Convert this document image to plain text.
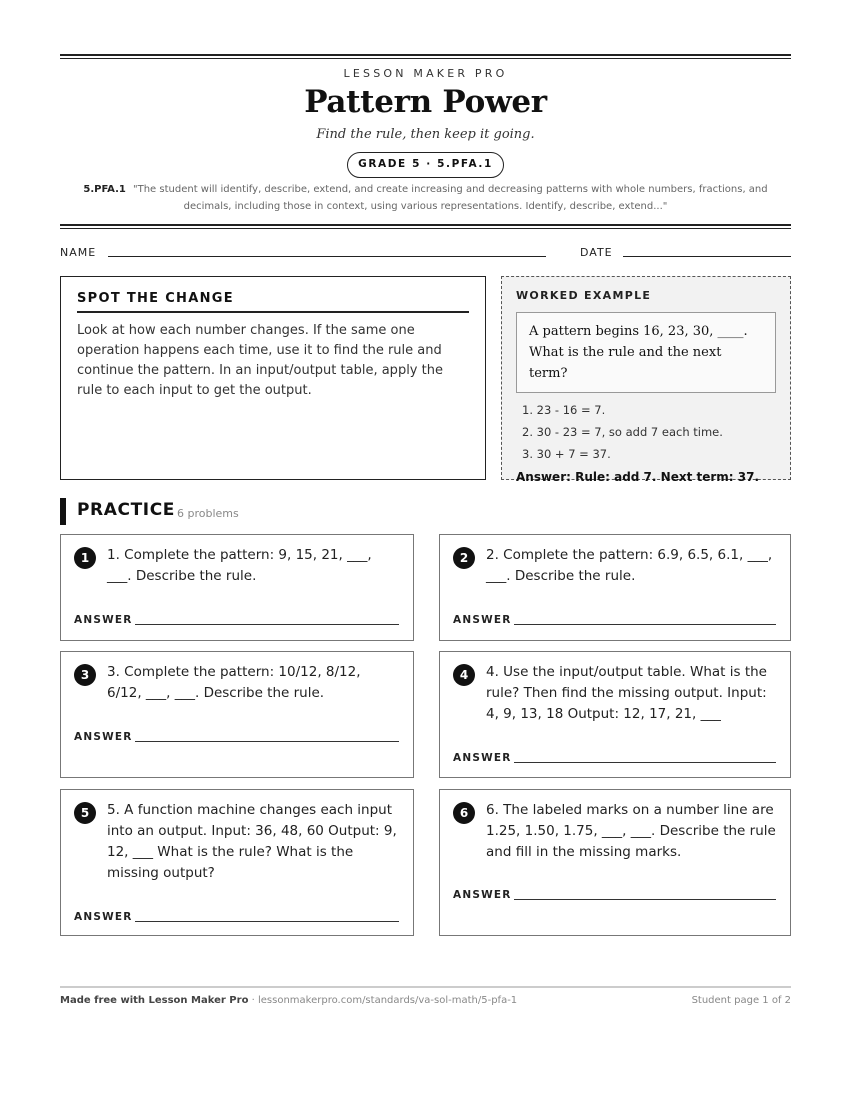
LESSON MAKER PRO
Pattern Power
Find the rule, then keep it going.
GRADE 5 · 5.PFA.1
5.PFA.1 "The student will identify, describe, extend, and create increasing and decreasing patterns with whole numbers, fractions, and decimals, including those in context, using various representations. Identify, describe, extend..."
NAME	DATE
SPOT THE CHANGE
Look at how each number changes. If the same one operation happens each time, use it to find the rule and continue the pattern. In an input/output table, apply the rule to each input to get the output.
WORKED EXAMPLE
A pattern begins 16, 23, 30, ____. What is the rule and the next term?
1. 23 - 16 = 7.
2. 30 - 23 = 7, so add 7 each time.
3. 30 + 7 = 37.
Answer: Rule: add 7. Next term: 37.
PRACTICE 6 problems
1	1. Complete the pattern: 9, 15, 21, ___, ___. Describe the rule.
ANSWER
2	2. Complete the pattern: 6.9, 6.5, 6.1, ___, ___. Describe the rule.
ANSWER
3	3. Complete the pattern: 10/12, 8/12, 6/12, ___, ___. Describe the rule.
ANSWER
4	4. Use the input/output table. What is the rule? Then find the missing output. Input: 4, 9, 13, 18 Output: 12, 17, 21, ___
ANSWER
5	5. A function machine changes each input into an output. Input: 36, 48, 60 Output: 9, 12, ___ What is the rule? What is the missing output?
ANSWER
6	6. The labeled marks on a number line are 1.25, 1.50, 1.75, ___, ___. Describe the rule and fill in the missing marks.
ANSWER
Made free with Lesson Maker Pro · lessonmakerpro.com/standards/va-sol-math/5-pfa-1	Student page 1 of 2
